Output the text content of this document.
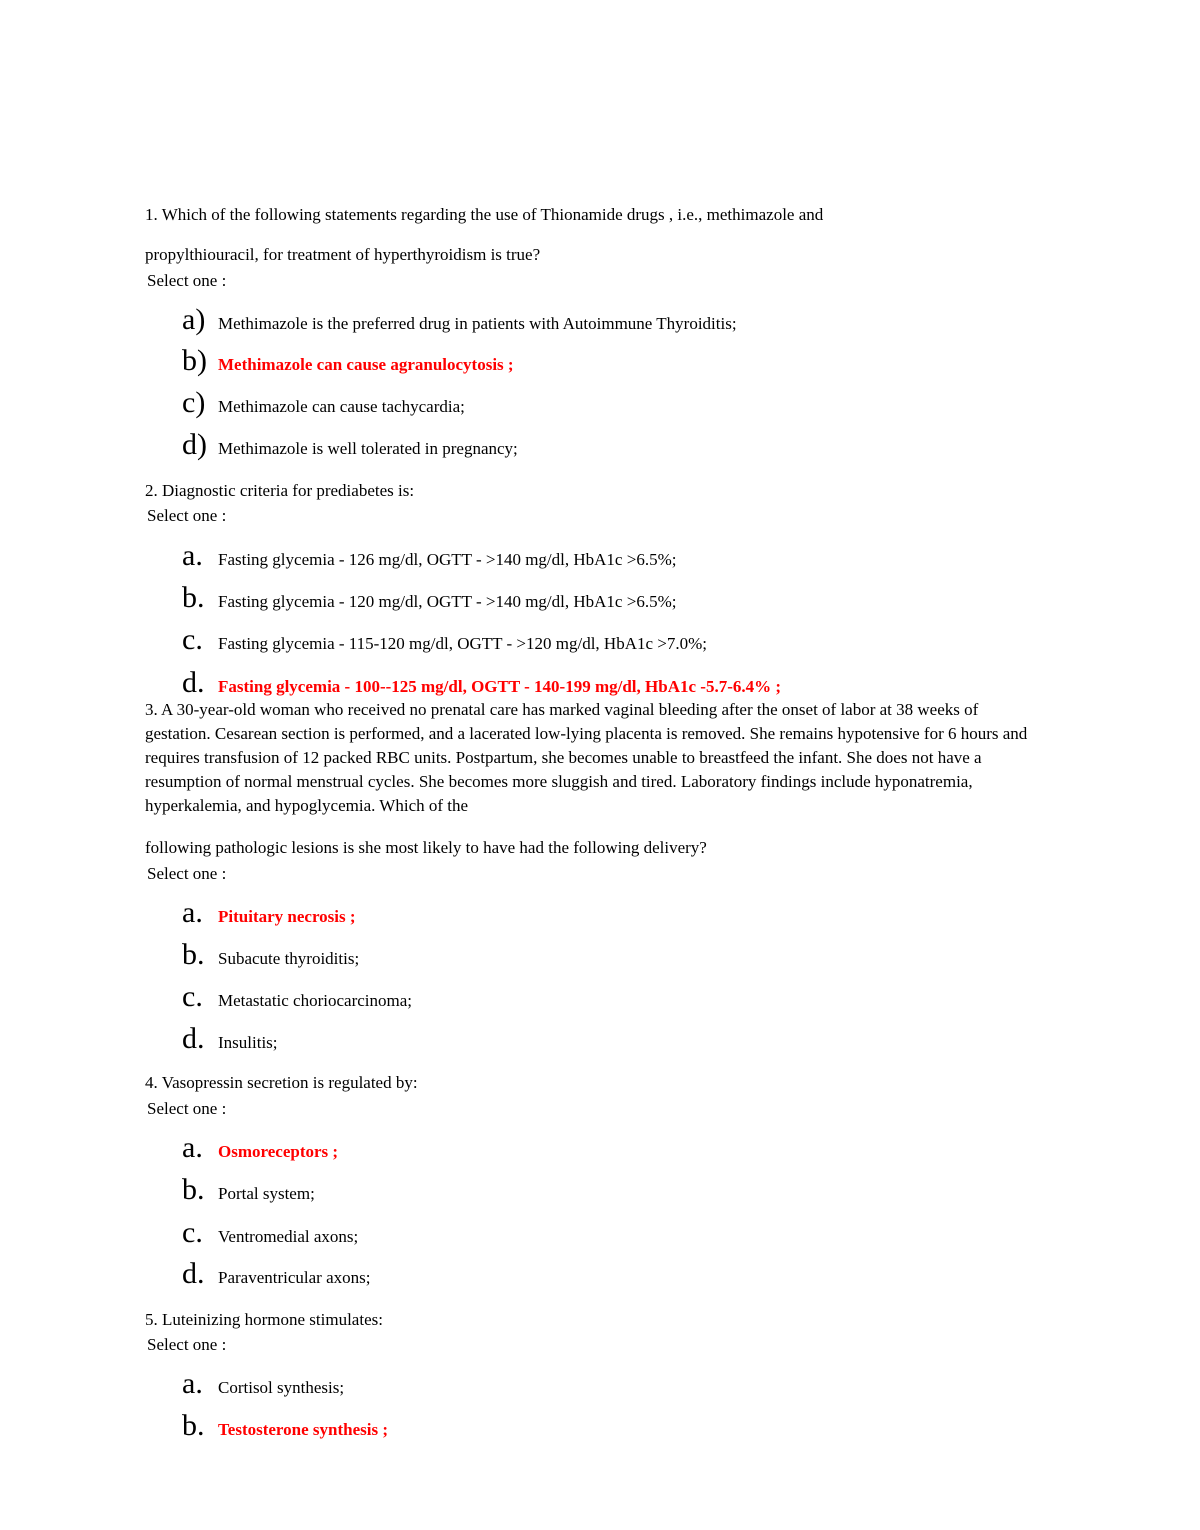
1. Which of the following statements regarding the use of Thionamide drugs , i.e., methimazole and
propylthiouracil, for treatment of hyperthyroidism is true?
Select one :
a) Methimazole is the preferred drug in patients with Autoimmune Thyroiditis;
b) Methimazole can cause agranulocytosis ;
c) Methimazole can cause tachycardia;
d) Methimazole is well tolerated in pregnancy;
2. Diagnostic criteria for prediabetes is:
Select one :
a. Fasting glycemia - 126 mg/dl, OGTT - >140 mg/dl, HbA1c >6.5%;
b. Fasting glycemia - 120 mg/dl, OGTT - >140 mg/dl, HbA1c >6.5%;
c. Fasting glycemia - 115-120 mg/dl, OGTT - >120 mg/dl, HbA1c >7.0%;
d. Fasting glycemia - 100--125 mg/dl, OGTT - 140-199 mg/dl, HbA1c -5.7-6.4% ;
3. A 30-year-old woman who received no prenatal care has marked vaginal bleeding after the onset of labor at 38 weeks of gestation. Cesarean section is performed, and a lacerated low-lying placenta is removed. She remains hypotensive for 6 hours and requires transfusion of 12 packed RBC units. Postpartum, she becomes unable to breastfeed the infant. She does not have a resumption of normal menstrual cycles. She becomes more sluggish and tired. Laboratory findings include hyponatremia, hyperkalemia, and hypoglycemia. Which of the
following pathologic lesions is she most likely to have had the following delivery?
Select one :
a. Pituitary necrosis ;
b. Subacute thyroiditis;
c. Metastatic choriocarcinoma;
d. Insulitis;
4. Vasopressin secretion is regulated by:
Select one :
a. Osmoreceptors ;
b. Portal system;
c. Ventromedial axons;
d. Paraventricular axons;
5. Luteinizing hormone stimulates:
Select one :
a. Cortisol synthesis;
b. Testosterone synthesis ;
